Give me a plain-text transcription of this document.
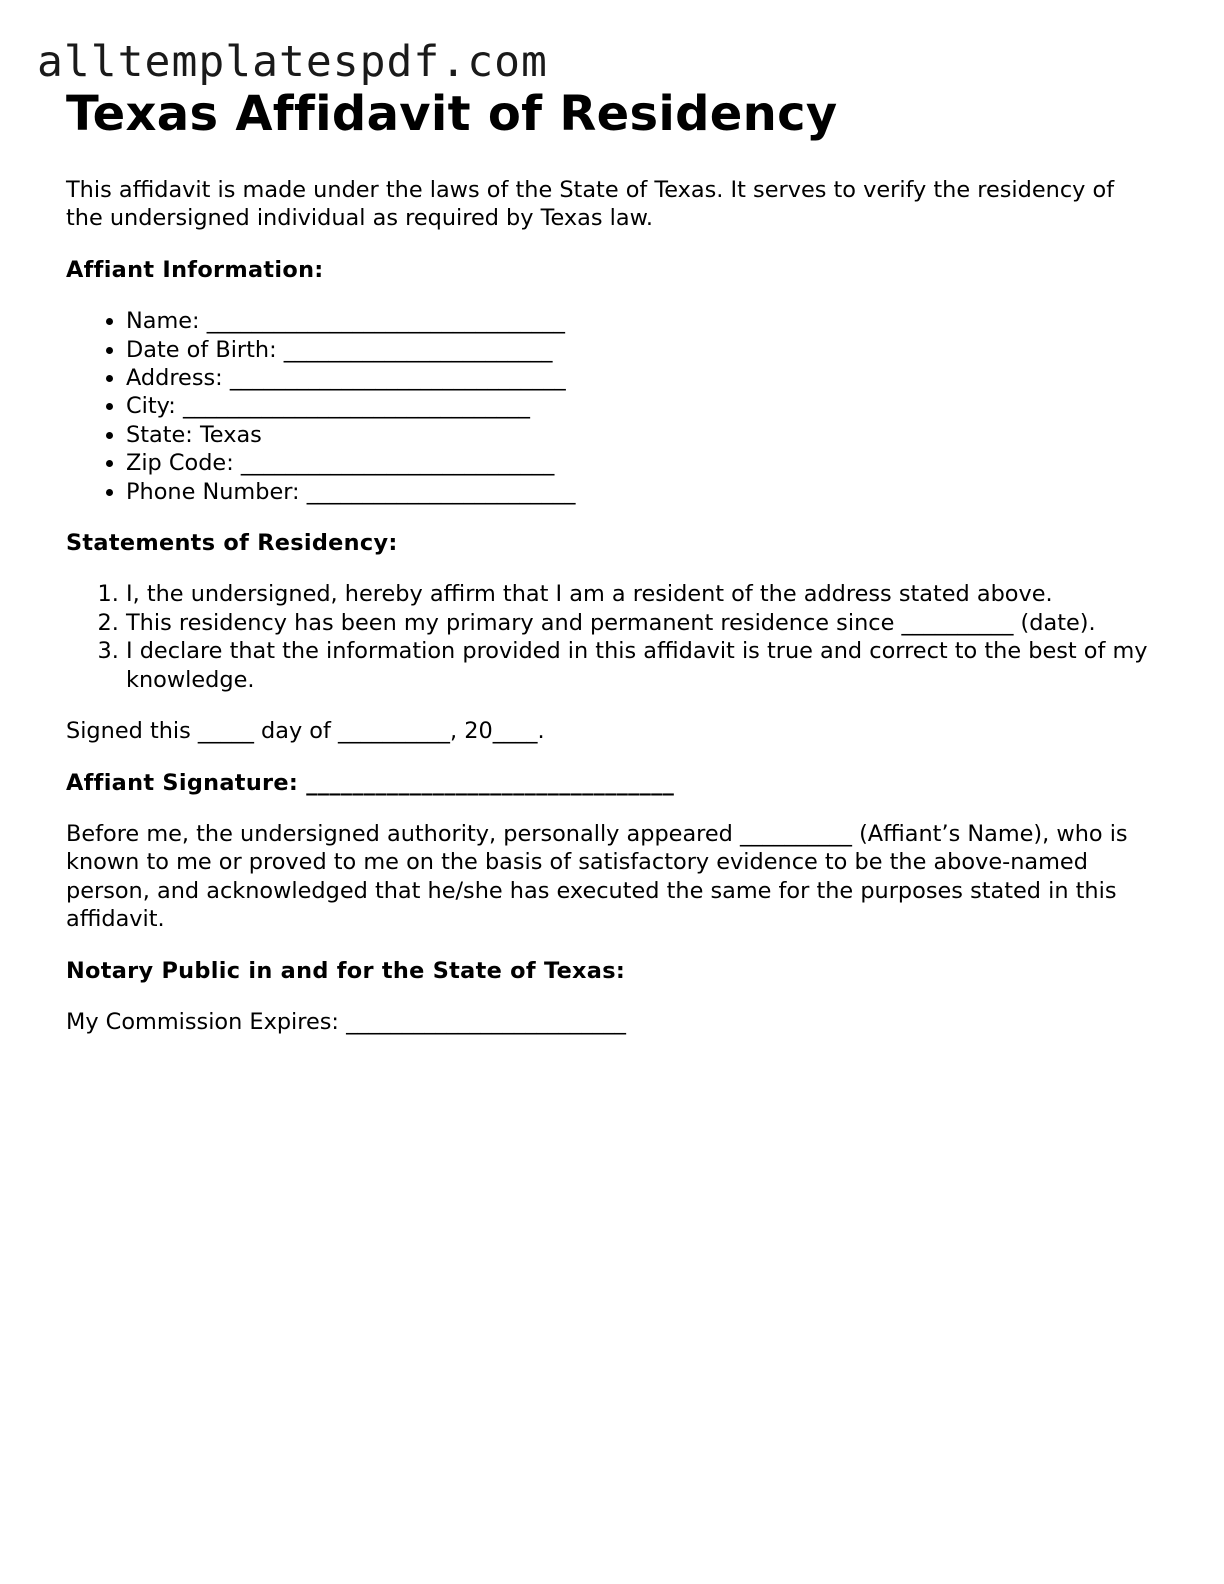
alltemplatespdf.com
Texas Affidavit of Residency

This affidavit is made under the laws of the State of Texas. It serves to verify the residency of the undersigned individual as required by Texas law.

Affiant Information:

• Name: ________________________________
• Date of Birth: ________________________
• Address: ______________________________
• City: _______________________________
• State: Texas
• Zip Code: ____________________________
• Phone Number: ________________________

Statements of Residency:

1. I, the undersigned, hereby affirm that I am a resident of the address stated above.
2. This residency has been my primary and permanent residence since __________ (date).
3. I declare that the information provided in this affidavit is true and correct to the best of my knowledge.

Signed this _____ day of __________, 20____.

Affiant Signature: ________________________________

Before me, the undersigned authority, personally appeared __________ (Affiant’s Name), who is known to me or proved to me on the basis of satisfactory evidence to be the above-named person, and acknowledged that he/she has executed the same for the purposes stated in this affidavit.

Notary Public in and for the State of Texas:

My Commission Expires: _________________________
